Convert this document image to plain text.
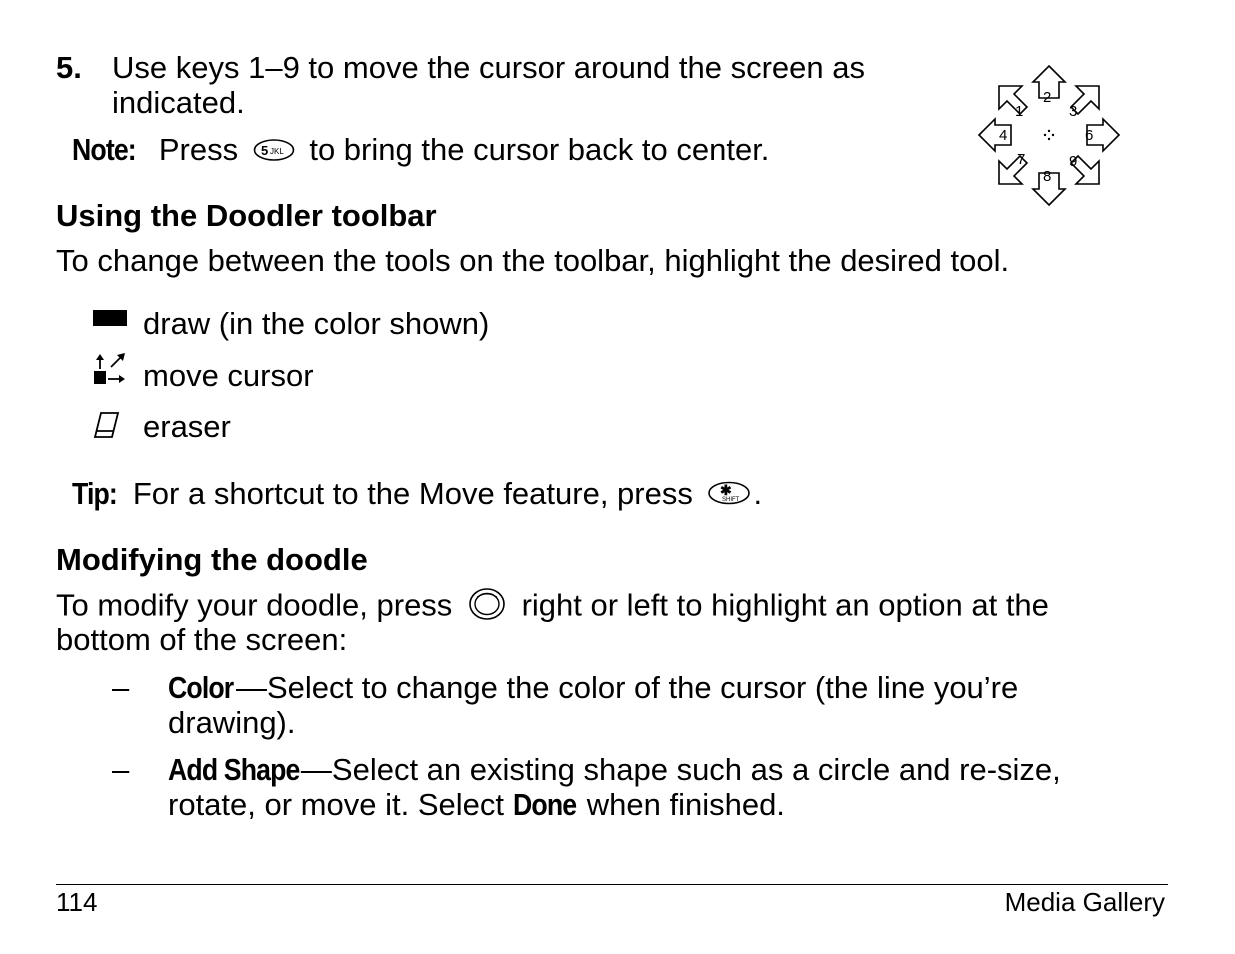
5. Use keys 1–9 to move the cursor around the screen as
indicated.
Note: Press 5 JKL to bring the cursor back to center.
1
2
3
4	6
7
8
9
Using the Doodler toolbar
To change between the tools on the toolbar, highlight the desired tool.
draw (in the color shown)
move cursor
eraser
Tip: For a shortcut to the Move feature, press ✱
SHIFT .
Modifying the doodle
To modify your doodle, press right or left to highlight an option at the
bottom of the screen:
– Color—Select to change the color of the cursor (the line you’re
drawing).
– Add Shape—Select an existing shape such as a circle and re-size,
rotate, or move it. Select Done when finished.
114	Media Gallery
